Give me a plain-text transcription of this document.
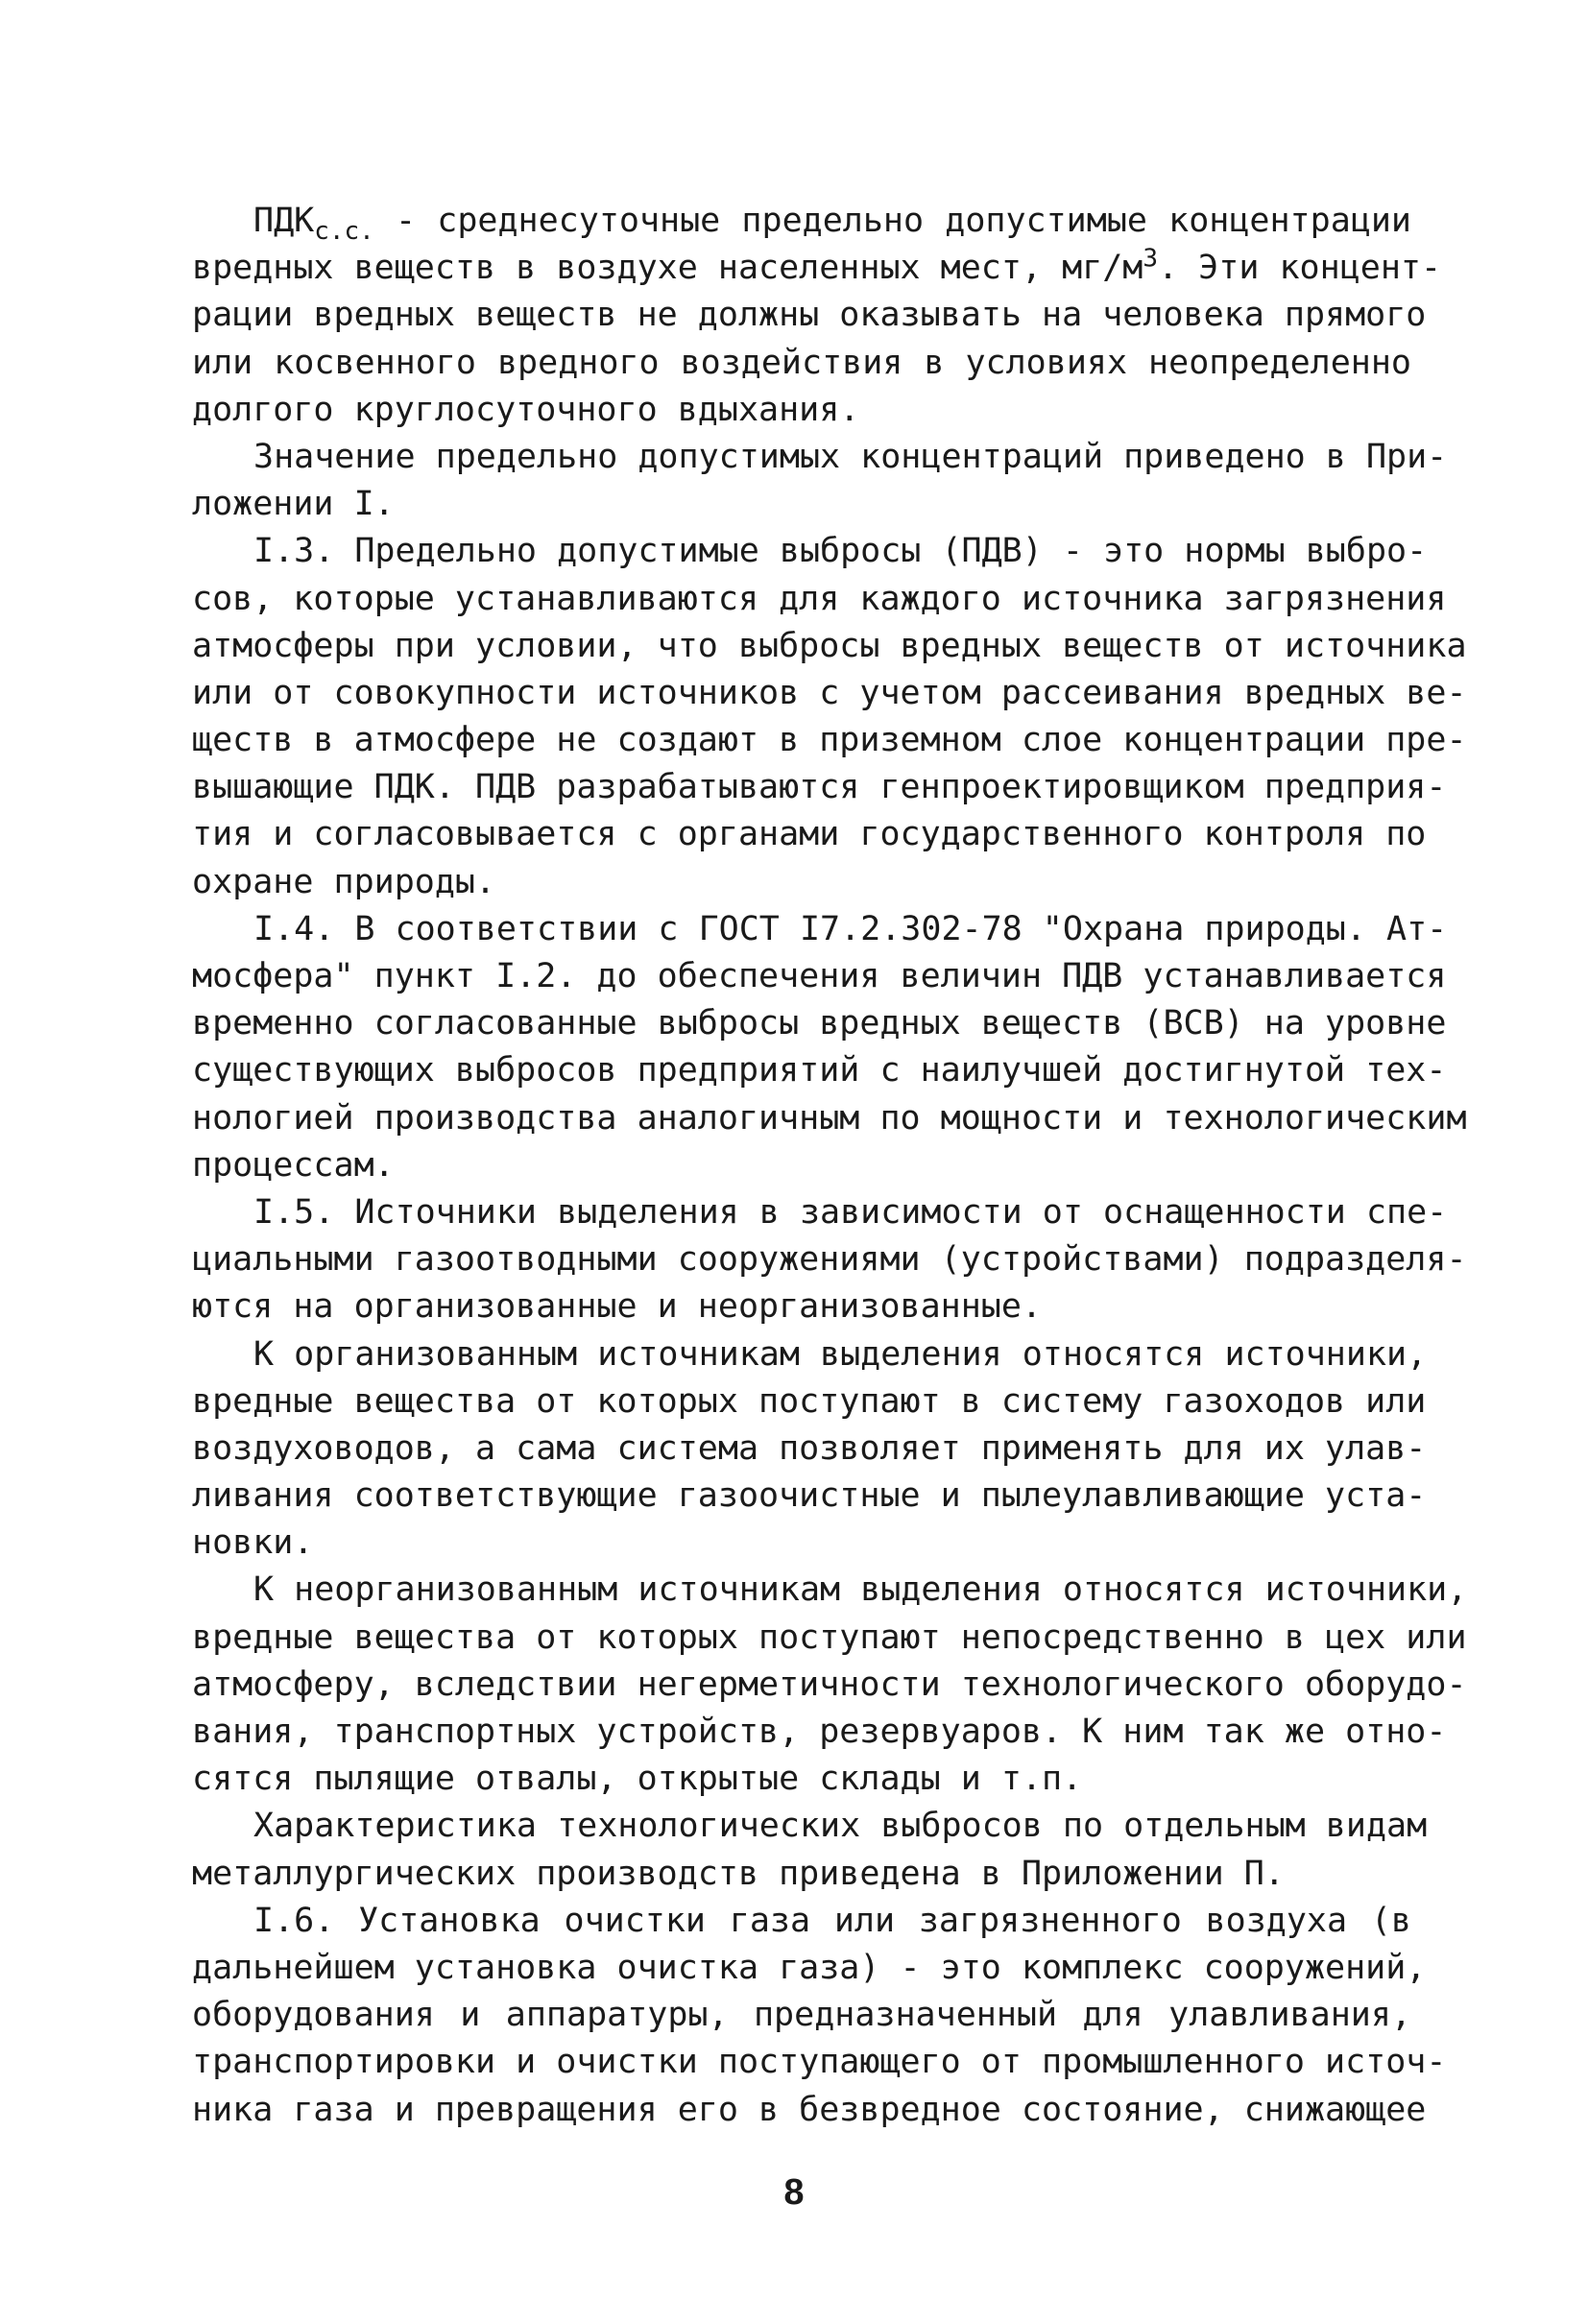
$ПДК_{с.с.}$ - среднесуточные предельно допустимые концентрации
вредных веществ в воздухе населенных мест, $мг/м^3$. Эти концент-
рации вредных веществ не должны оказывать на человека прямого
или косвенного вредного воздействия в условиях неопределенно
долгого круглосуточного вдыхания.
Значение предельно допустимых концентраций приведено в При-
ложении I.
I.3. Предельно допустимые выбросы (ПДВ) - это нормы выбро-
сов, которые устанавливаются для каждого источника загрязнения
атмосферы при условии, что выбросы вредных веществ от источника
или от совокупности источников с учетом рассеивания вредных ве-
ществ в атмосфере не создают в приземном слое концентрации пре-
вышающие ПДК. ПДВ разрабатываются генпроектировщиком предприя-
тия и согласовывается с органами государственного контроля по
охране природы.
I.4. В соответствии с ГОСТ I7.2.302-78 "Охрана природы. Ат-
мосфера" пункт I.2. до обеспечения величин ПДВ устанавливается
временно согласованные выбросы вредных веществ (ВСВ) на уровне
существующих выбросов предприятий с наилучшей достигнутой тех-
нологией производства аналогичным по мощности и технологическим
процессам.
I.5. Источники выделения в зависимости от оснащенности спе-
циальными газоотводными сооружениями (устройствами) подразделя-
ются на организованные и неорганизованные.
К организованным источникам выделения относятся источники,
вредные вещества от которых поступают в систему газоходов или
воздуховодов, а сама система позволяет применять для их улав-
ливания соответствующие газоочистные и пылеулавливающие уста-
новки.
К неорганизованным источникам выделения относятся источники,
вредные вещества от которых поступают непосредственно в цех или
атмосферу, вследствии негерметичности технологического оборудо-
вания, транспортных устройств, резервуаров. К ним так же отно-
сятся пылящие отвалы, открытые склады и т.п.
Характеристика технологических выбросов по отдельным видам
металлургических производств приведена в Приложении П.
I.6. Установка очистки газа или загрязненного воздуха (в
дальнейшем установка очистка газа) - это комплекс сооружений,
оборудования и аппаратуры, предназначенный для улавливания,
транспортировки и очистки поступающего от промышленного источ-
ника газа и превращения его в безвредное состояние, снижающее
8
